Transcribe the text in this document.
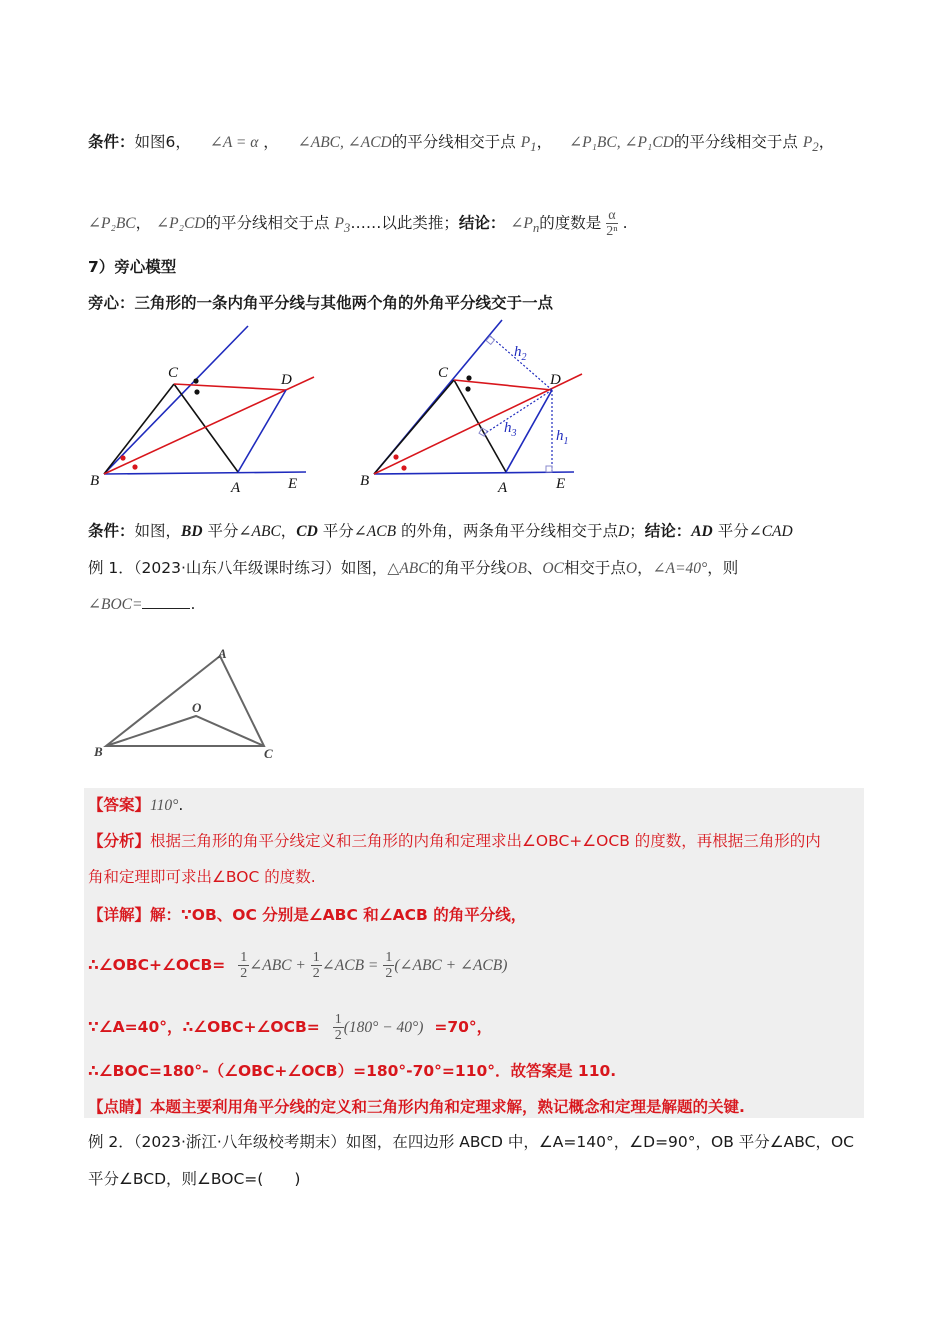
条件：如图6， ∠A = α ， ∠ABC, ∠ACD的平分线相交于点 $P_1$， ∠P₁BC, ∠P₁CD的平分线相交于点 $P_2$，
∠P₂BC， ∠P₂CD的平分线相交于点 $P_3\dots\dots$以此类推；结论： $\angle P_n$的度数是 $\frac{\alpha}{\text{2ⁿ}}$ .
7）旁心模型
旁心：三角形的一条内角平分线与其他两个角的外角平分线交于一点
B
C
A
D
E	B
C
A
D
E
$h_2$
$h_1$
$h_3$
条件：如图，BD 平分∠ABC，CD 平分∠ACB 的外角，两条角平分线相交于点D；结论：AD 平分∠CAD
例 1．（2023·山东八年级课时练习）如图，△ABC的角平分线OB、OC相交于点O，∠A=40°，则
∠BOC=	.
A
O
B	C
【答案】110°.
【分析】根据三角形的角平分线定义和三角形的内角和定理求出∠OBC+∠OCB 的度数，再根据三角形的内
角和定理即可求出∠BOC 的度数.
【详解】解：∵OB、OC 分别是∠ABC 和∠ACB 的角平分线，
∴∠OBC+∠OCB= $\frac{1}{2}$ ∠ABC + $\frac{1}{2}$ ∠ACB = $\frac{1}{2}$ (∠ABC + ∠ACB)
∵∠A=40°，∴∠OBC+∠OCB= $\frac{1}{2} (180^\circ - 40^\circ) =70^\circ$，
∴∠BOC=180°-（∠OBC+∠OCB）=180°-70°=110°．故答案是 110.
【点睛】本题主要利用角平分线的定义和三角形内角和定理求解，熟记概念和定理是解题的关键.
例 2．（2023·浙江·八年级校考期末）如图，在四边形 ABCD 中，∠A=140°，∠D=90°，OB 平分∠ABC，OC
平分∠BCD，则∠BOC=(　　)
